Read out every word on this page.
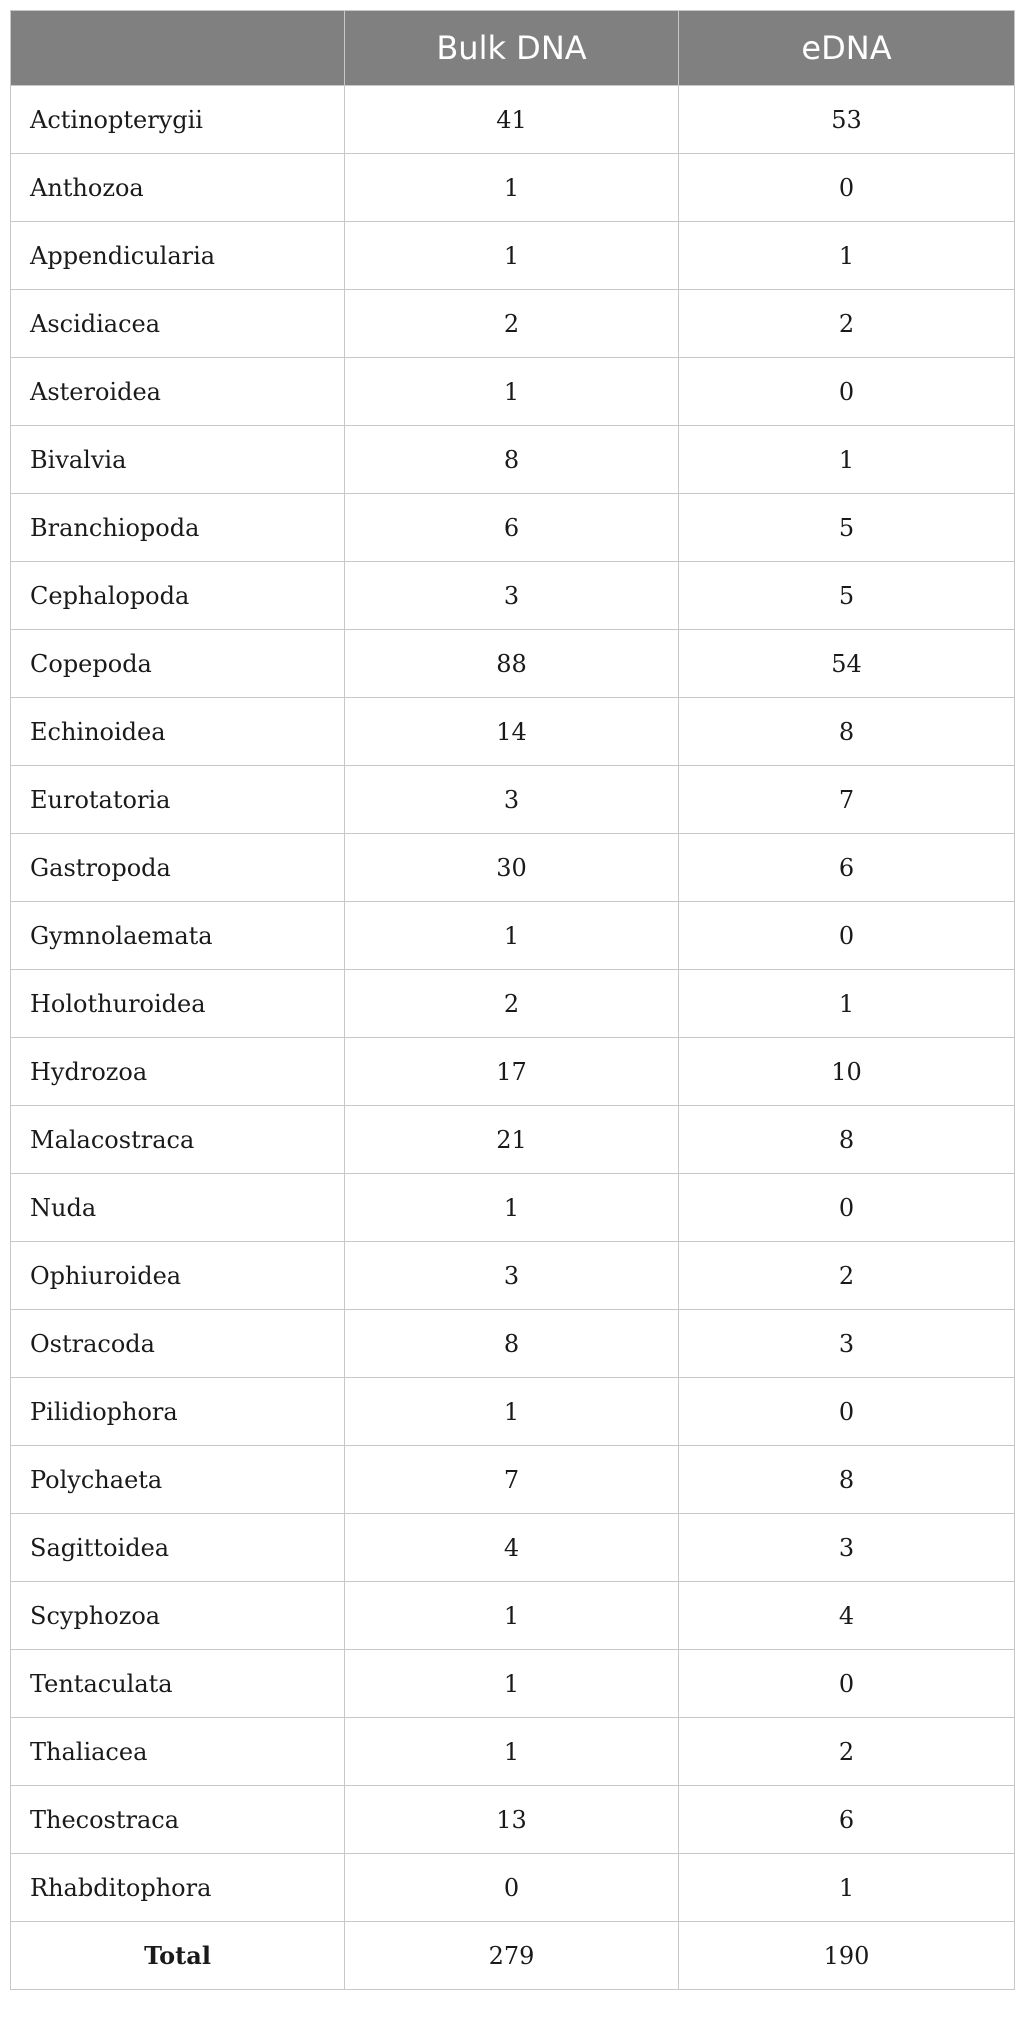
	Bulk DNA	eDNA
Actinopterygii	41	53
Anthozoa	1	0
Appendicularia	1	1
Ascidiacea	2	2
Asteroidea	1	0
Bivalvia	8	1
Branchiopoda	6	5
Cephalopoda	3	5
Copepoda	88	54
Echinoidea	14	8
Eurotatoria	3	7
Gastropoda	30	6
Gymnolaemata	1	0
Holothuroidea	2	1
Hydrozoa	17	10
Malacostraca	21	8
Nuda	1	0
Ophiuroidea	3	2
Ostracoda	8	3
Pilidiophora	1	0
Polychaeta	7	8
Sagittoidea	4	3
Scyphozoa	1	4
Tentaculata	1	0
Thaliacea	1	2
Thecostraca	13	6
Rhabditophora	0	1
Total	279	190
